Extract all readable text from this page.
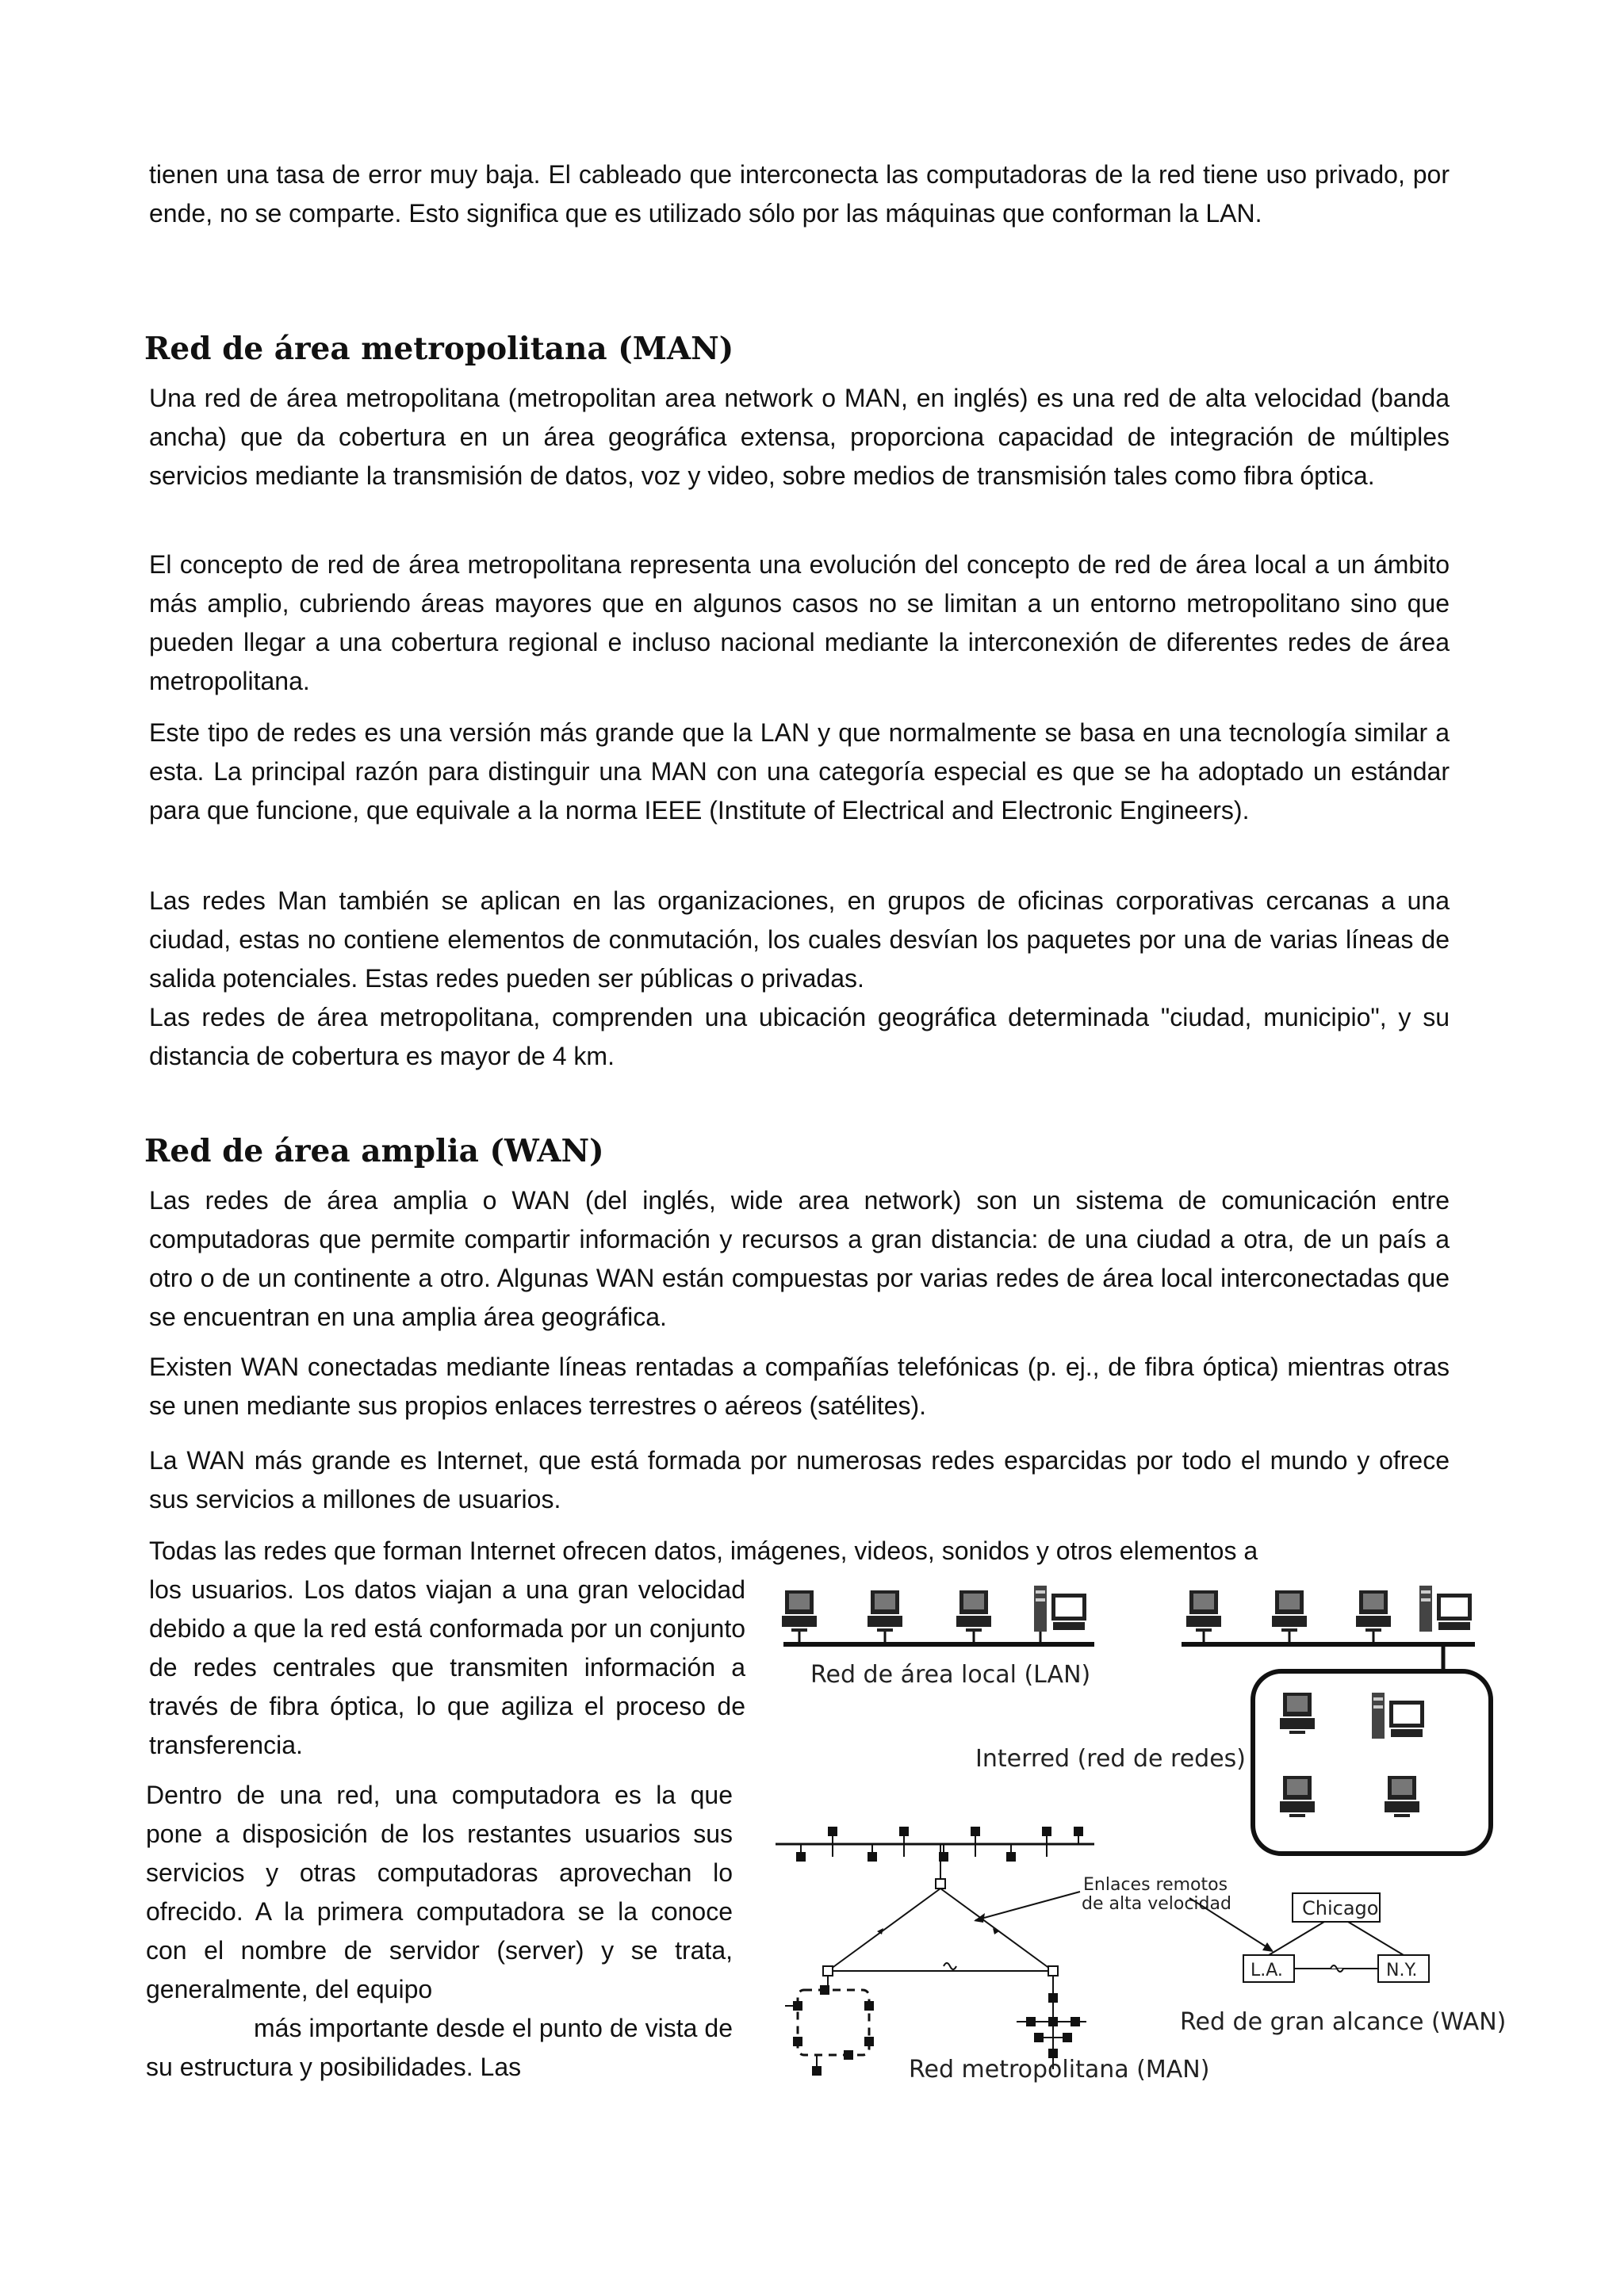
tienen una tasa de error muy baja. El cableado que interconecta las computadoras de la red tiene uso privado, por ende, no se comparte. Esto significa que es utilizado sólo por las máquinas que conforman la LAN.

Red de área metropolitana (MAN)

Una red de área metropolitana (metropolitan area network o MAN, en inglés) es una red de alta velocidad (banda ancha) que da cobertura en un área geográfica extensa, proporciona capacidad de integración de múltiples servicios mediante la transmisión de datos, voz y video, sobre medios de transmisión tales como fibra óptica.

El concepto de red de área metropolitana representa una evolución del concepto de red de área local a un ámbito más amplio, cubriendo áreas mayores que en algunos casos no se limitan a un entorno metropolitano sino que pueden llegar a una cobertura regional e incluso nacional mediante la interconexión de diferentes redes de área metropolitana.

Este tipo de redes es una versión más grande que la LAN y que normalmente se basa en una tecnología similar a esta. La principal razón para distinguir una MAN con una categoría especial es que se ha adoptado un estándar para que funcione, que equivale a la norma IEEE (Institute of Electrical and Electronic Engineers).

Las redes Man también se aplican en las organizaciones, en grupos de oficinas corporativas cercanas a una ciudad, estas no contiene elementos de conmutación, los cuales desvían los paquetes por una de varias líneas de salida potenciales. Estas redes pueden ser públicas o privadas.

Las redes de área metropolitana, comprenden una ubicación geográfica determinada "ciudad, municipio", y su distancia de cobertura es mayor de 4 km.

Red de área amplia (WAN)

Las redes de área amplia o WAN (del inglés, wide area network) son un sistema de comunicación entre computadoras que permite compartir información y recursos a gran distancia: de una ciudad a otra, de un país a otro o de un continente a otro. Algunas WAN están compuestas por varias redes de área local interconectadas que se encuentran en una amplia área geográfica.

Existen WAN conectadas mediante líneas rentadas a compañías telefónicas (p. ej., de fibra óptica) mientras otras se unen mediante sus propios enlaces terrestres o aéreos (satélites).

La WAN más grande es Internet, que está formada por numerosas redes esparcidas por todo el mundo y ofrece sus servicios a millones de usuarios.

Todas las redes que forman Internet ofrecen datos, imágenes, videos, sonidos y otros elementos a

los usuarios. Los datos viajan a una gran velocidad debido a que la red está conformada por un conjunto de redes centrales que transmiten información a través de fibra óptica, lo que agiliza el proceso de transferencia.

Dentro de una red, una computadora es la que pone a disposición de los restantes usuarios sus servicios y otras computadoras aprovechan lo ofrecido. A la primera computadora se la conoce con el nombre de servidor (server) y se trata, generalmente, del equipo
más importante desde el punto de vista de su estructura y posibilidades. Las
Red de área local (LAN)
Interred (red de redes)
Red metropolitana (MAN)
Enlaces remotos
de alta velocidad	Chicago
L.A.	N.Y.
Red de gran alcance (WAN)
